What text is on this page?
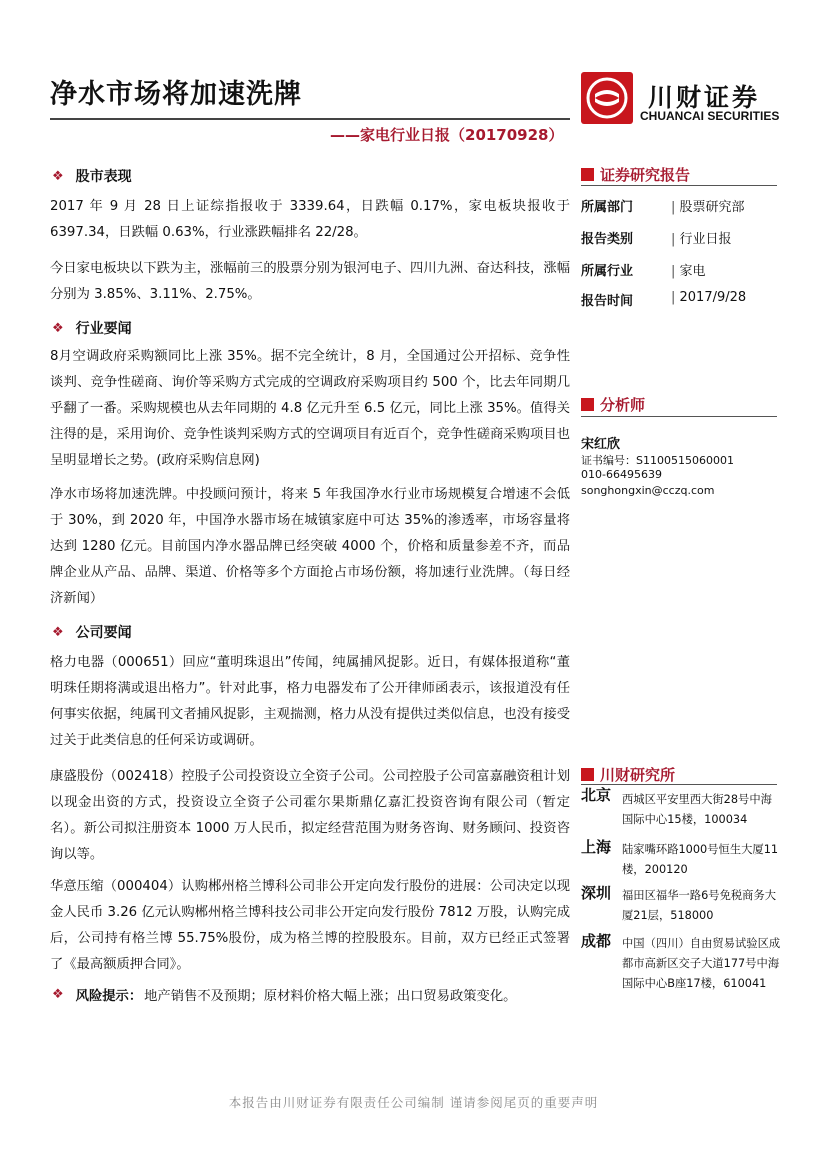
净水市场将加速洗牌
——家电行业日报（20170928）
川财证券
CHUANCAI SECURITIES
❖ 股市表现

2017 年 9 月 28 日上证综指报收于 3339.64，日跌幅 0.17%，家电板块报收于 6397.34，日跌幅 0.63%，行业涨跌幅排名 22/28。

今日家电板块以下跌为主，涨幅前三的股票分别为银河电子、四川九洲、奋达科技，涨幅分别为 3.85%、3.11%、2.75%。

❖ 行业要闻

8月空调政府采购额同比上涨 35%。据不完全统计，8 月，全国通过公开招标、竞争性谈判、竞争性磋商、询价等采购方式完成的空调政府采购项目约 500 个，比去年同期几乎翻了一番。采购规模也从去年同期的 4.8 亿元升至 6.5 亿元，同比上涨 35%。值得关注得的是，采用询价、竞争性谈判采购方式的空调项目有近百个，竞争性磋商采购项目也呈明显增长之势。(政府采购信息网)

净水市场将加速洗牌。中投顾问预计，将来 5 年我国净水行业市场规模复合增速不会低于 30%，到 2020 年，中国净水器市场在城镇家庭中可达 35%的渗透率，市场容量将达到 1280 亿元。目前国内净水器品牌已经突破 4000 个，价格和质量参差不齐，而品牌企业从产品、品牌、渠道、价格等多个方面抢占市场份额，将加速行业洗牌。（每日经济新闻）

❖ 公司要闻

格力电器（000651）回应“董明珠退出”传闻，纯属捕风捉影。近日，有媒体报道称“董明珠任期将满或退出格力”。针对此事，格力电器发布了公开律师函表示，该报道没有任何事实依据，纯属刊文者捕风捉影，主观揣测，格力从没有提供过类似信息，也没有接受过关于此类信息的任何采访或调研。

康盛股份（002418）控股子公司投资设立全资子公司。公司控股子公司富嘉融资租计划以现金出资的方式，投资设立全资子公司霍尔果斯鼎亿嘉汇投资咨询有限公司（暂定名）。新公司拟注册资本 1000 万人民币，拟定经营范围为财务咨询、财务顾问、投资咨询以等。

华意压缩（000404）认购郴州格兰博科公司非公开定向发行股份的进展：公司决定以现金人民币 3.26 亿元认购郴州格兰博科技公司非公开定向发行股份 7812 万股，认购完成后，公司持有格兰博 55.75%股份，成为格兰博的控股股东。目前，双方已经正式签署了《最高额质押合同》。

❖ 风险提示： 地产销售不及预期；原材料价格大幅上涨；出口贸易政策变化。
证券研究报告
所属部门	| 股票研究部
报告类别	| 行业日报
所属行业	| 家电
报告时间	| 2017/9/28
分析师
宋红欣
证书编号：S1100515060001
010-66495639
songhongxin@cczq.com
川财研究所
北京 西城区平安里西大街28号中海国际中心15楼，100034
上海 陆家嘴环路1000号恒生大厦11楼，200120
深圳 福田区福华一路6号免税商务大厦21层，518000
成都 中国（四川）自由贸易试验区成都市高新区交子大道177号中海国际中心B座17楼，610041
本报告由川财证券有限责任公司编制 谨请参阅尾页的重要声明
